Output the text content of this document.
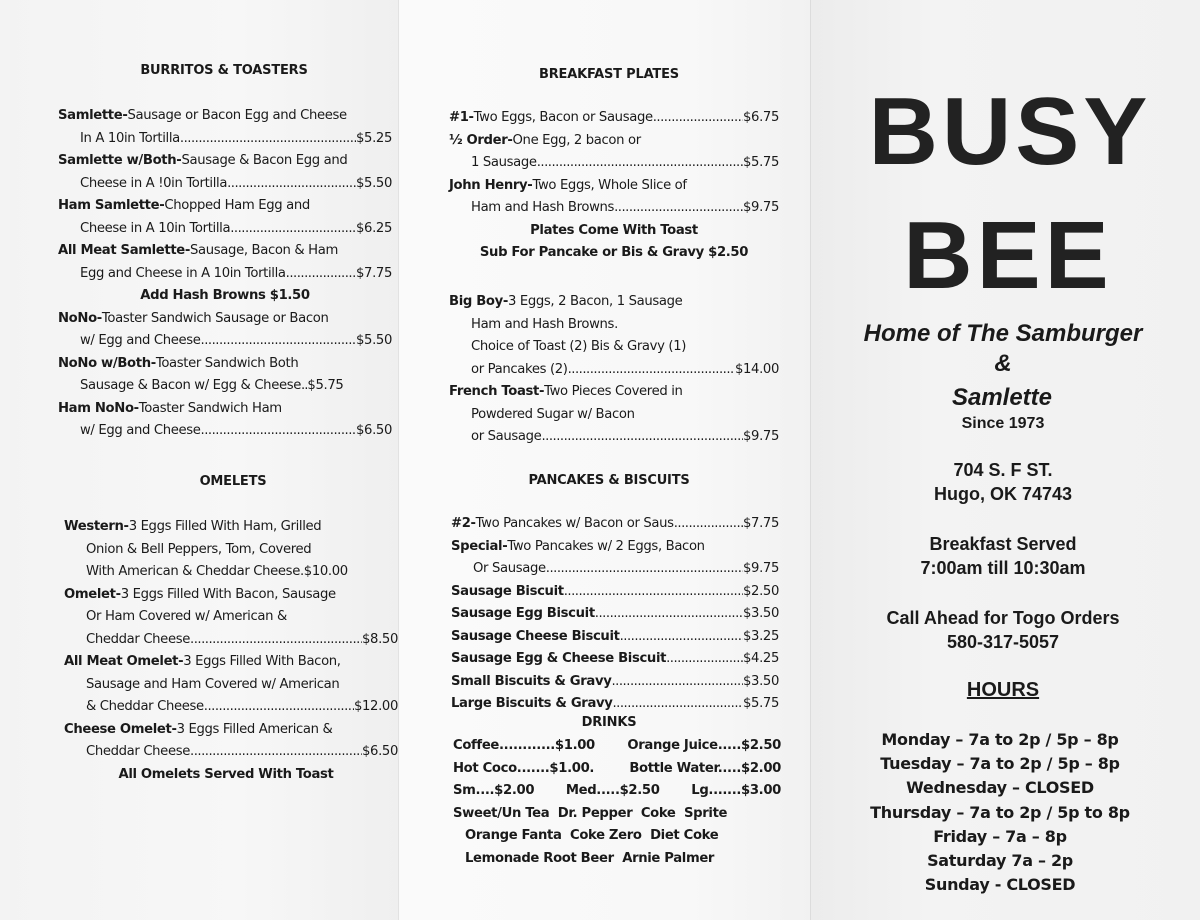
BURRITOS & TOASTERS
Samlette- Sausage or Bacon Egg and Cheese
In A 10in Tortilla .....	$5.25
Samlette w/Both- Sausage & Bacon Egg and
Cheese in A !0in Tortilla .....	$5.50
Ham Samlette- Chopped Ham Egg and
Cheese in A 10in Tortilla .....	$6.25
All Meat Samlette- Sausage, Bacon & Ham
Egg and Cheese in A 10in Tortilla .....	$7.75
Add Hash Browns $1.50
NoNo- Toaster Sandwich Sausage or Bacon
w/ Egg and Cheese .....	$5.50
NoNo w/Both- Toaster Sandwich Both
Sausage & Bacon w/ Egg & Cheese .. $5.75
Ham NoNo- Toaster Sandwich Ham
w/ Egg and Cheese .....	$6.50
OMELETS
Western- 3 Eggs Filled With Ham, Grilled
Onion & Bell Peppers, Tom, Covered
With American & Cheddar Cheese. $10.00
Omelet- 3 Eggs Filled With Bacon, Sausage
Or Ham Covered w/ American &
Cheddar Cheese .....	$8.50
All Meat Omelet- 3 Eggs Filled With Bacon,
Sausage and Ham Covered w/ American
& Cheddar Cheese .....	$12.00
Cheese Omelet- 3 Eggs Filled American &
Cheddar Cheese .....	$6.50
All Omelets Served With Toast
BREAKFAST PLATES
#1- Two Eggs, Bacon or Sausage .....	$6.75
½ Order- One Egg, 2 bacon or
1 Sausage .....	$5.75
John Henry- Two Eggs, Whole Slice of
Ham and Hash Browns .....	$9.75
Plates Come With Toast
Sub For Pancake or Bis & Gravy $2.50
Big Boy- 3 Eggs, 2 Bacon, 1 Sausage
Ham and Hash Browns.
Choice of Toast (2) Bis & Gravy (1)
or Pancakes (2) .....	$14.00
French Toast- Two Pieces Covered in
Powdered Sugar w/ Bacon
or Sausage .....	$9.75
PANCAKES & BISCUITS
#2- Two Pancakes w/ Bacon or Saus .....	$7.75
Special- Two Pancakes w/ 2 Eggs, Bacon
Or Sausage .....	$9.75
Sausage Biscuit .....	$2.50
Sausage Egg Biscuit .....	$3.50
Sausage Cheese Biscuit .....	$3.25
Sausage Egg & Cheese Biscuit .....	$4.25
Small Biscuits & Gravy .....	$3.50
Large Biscuits & Gravy .....	$5.75
DRINKS
Coffee............$1.00 Orange Juice.....$2.50
Hot Coco.......$1.00.	Bottle Water.....$2.00
Sm....$2.00 Med.....$2.50 Lg.......$3.00
Sweet/Un Tea  Dr. Pepper  Coke  Sprite
Orange Fanta  Coke Zero  Diet Coke
Lemonade Root Beer  Arnie Palmer
BUSY
BEE
Home of The Samburger
&
Samlette
Since 1973
704 S. F ST.
Hugo, OK 74743
Breakfast Served
7:00am till 10:30am
Call Ahead for Togo Orders
580-317-5057
HOURS
Monday – 7a to 2p / 5p – 8p
Tuesday – 7a to 2p / 5p – 8p
Wednesday – CLOSED
Thursday – 7a to 2p / 5p to 8p
Friday – 7a – 8p
Saturday 7a – 2p
Sunday - CLOSED
